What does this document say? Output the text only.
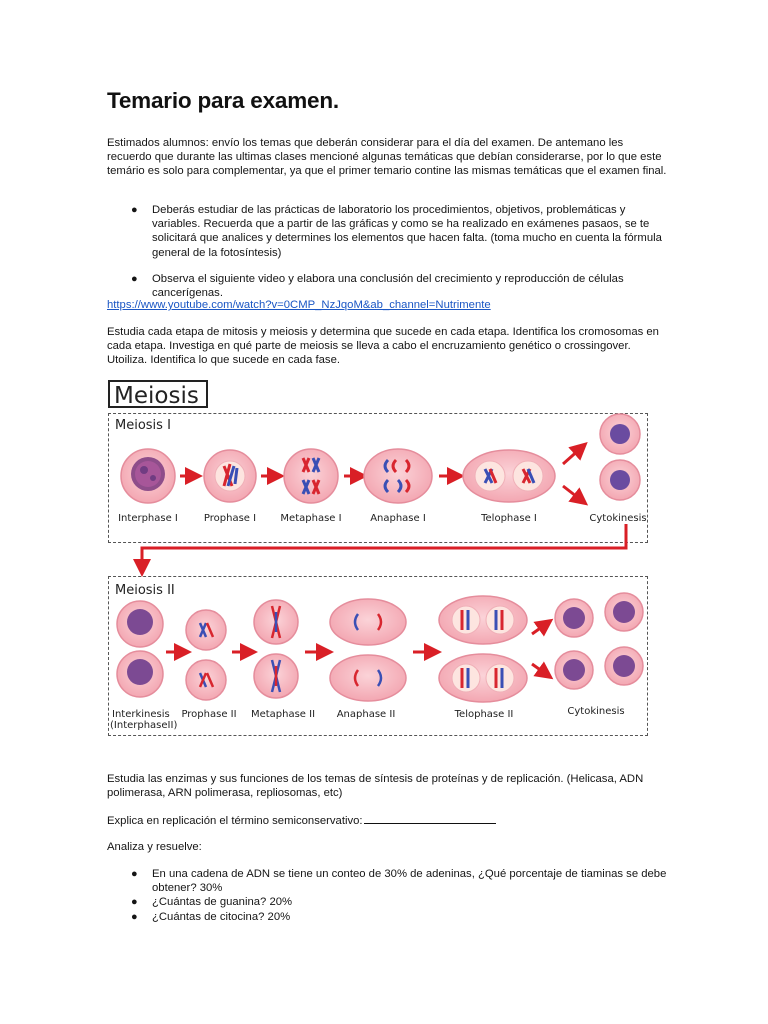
Temario para examen.
Estimados alumnos: envío los temas que deberán considerar para el día del examen. De antemano les recuerdo que durante las ultimas clases mencioné algunas temáticas que debían considerarse, por lo que este temário es solo para complementar, ya que el primer temario contine las mismas temáticas que el examen final.
● Deberás estudiar de las prácticas de laboratorio los procedimientos, objetivos, problemáticas y variables. Recuerda que a partir de las gráficas y como se ha realizado en exámenes pasaos, se te solicitará que analices y determines los elementos que hacen falta. (toma mucho en cuenta la fórmula general de la fotosíntesis)
● Observa el siguiente video y elabora una conclusión del crecimiento y reproducción de células cancerígenas.
https://www.youtube.com/watch?v=0CMP_NzJqoM&ab_channel=Nutrimente
Estudia cada etapa de mitosis y meiosis y determina que sucede en cada etapa. Identifica los cromosomas en cada etapa. Investiga en qué parte de meiosis se lleva a cabo el encruzamiento genético o crossingover. Utoiliza. Identifica lo que sucede en cada fase.
Meiosis
Meiosis I
Meiosis II
Interphase I	Prophase I Metaphase I	Anaphase I	Telophase I	Cytokinesis
Interkinesis
(InterphaseII)
Prophase II Metaphase II Anaphase II	Telophase II	Cytokinesis
Estudia las enzimas y sus funciones de los temas de síntesis de proteínas y de replicación. (Helicasa, ADN polimerasa, ARN polimerasa, repliosomas, etc)
Explica en replicación el término semiconservativo:
Analiza y resuelve:
● En una cadena de ADN se tiene un conteo de 30% de adeninas, ¿Qué porcentaje de tiaminas se debe obtener? 30%
● ¿Cuántas de guanina? 20%
● ¿Cuántas de citocina? 20%
